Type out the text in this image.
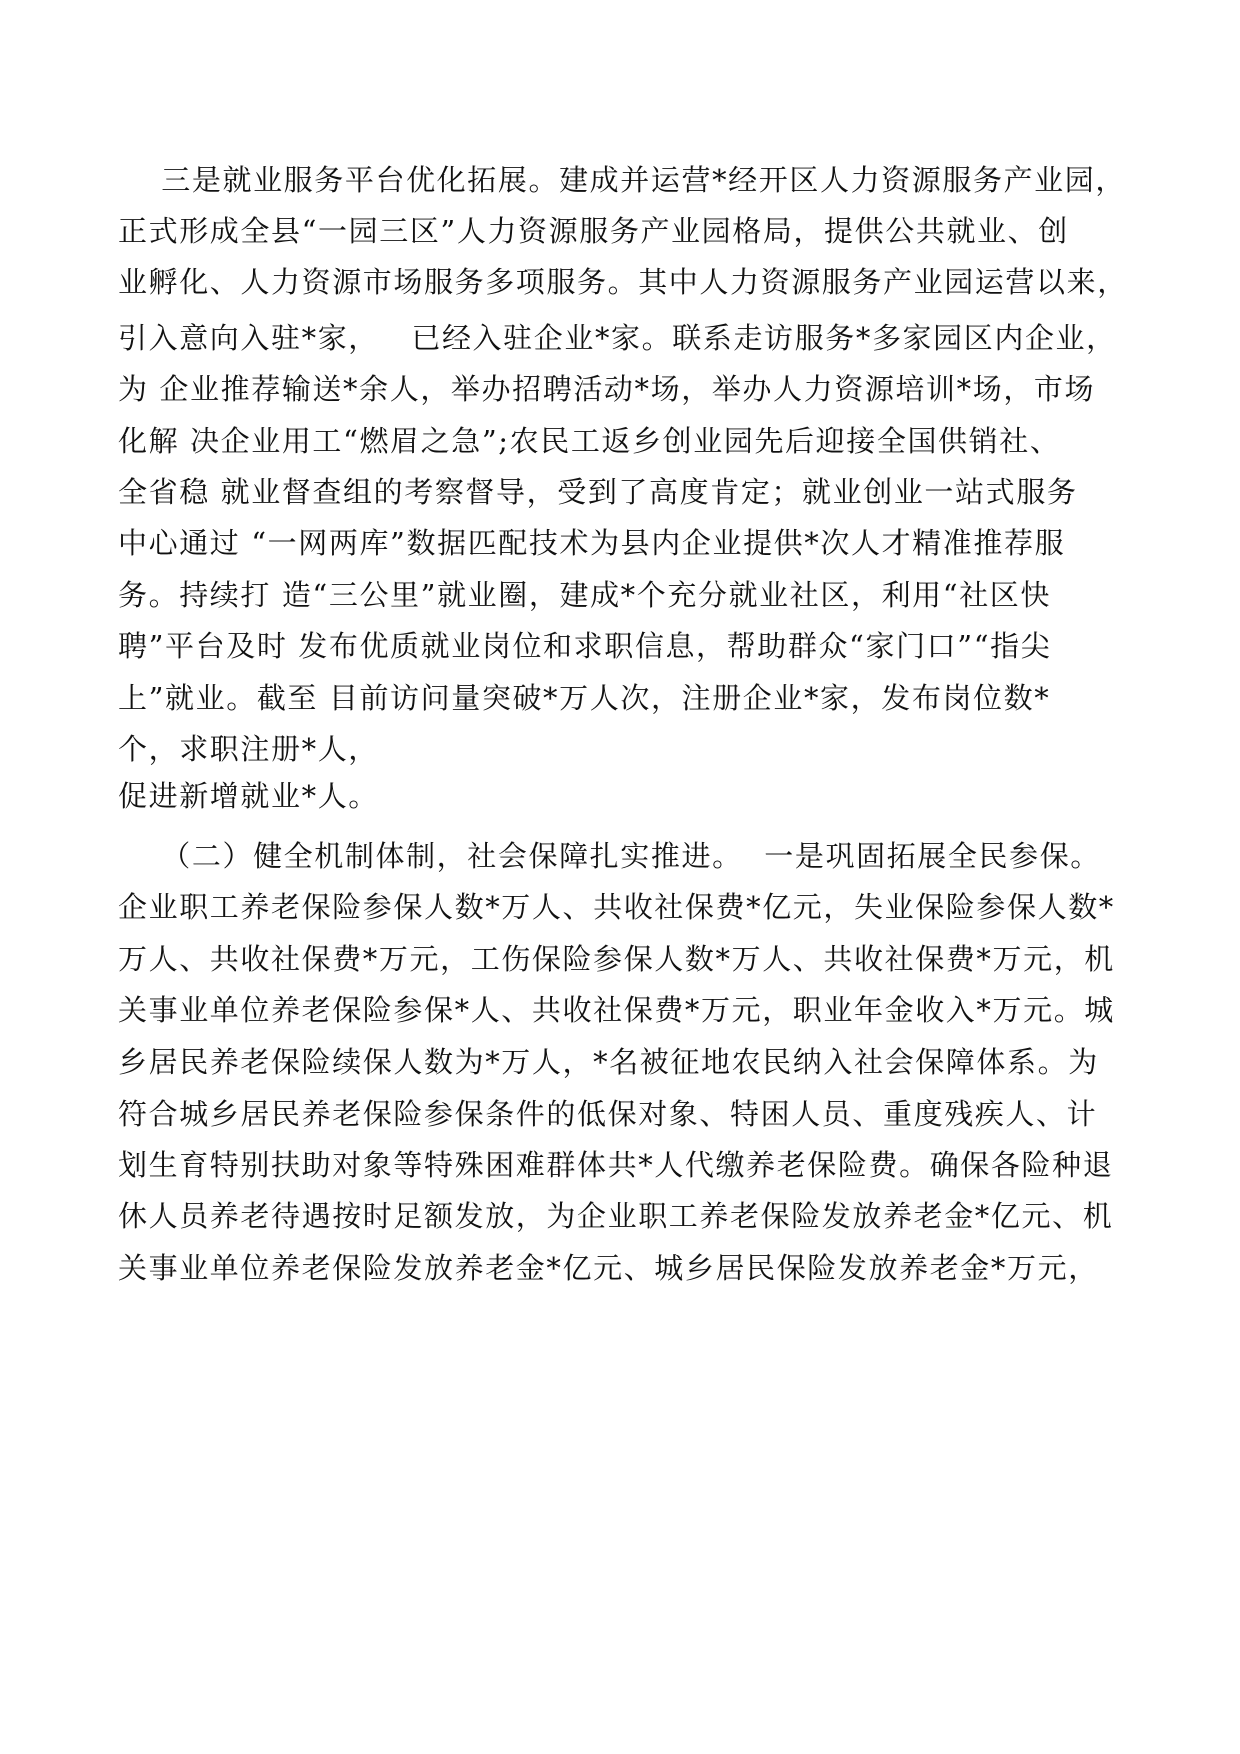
三是就业服务平台优化拓展。建成并运营*经开区人力资源服务产业园，
正式形成全县“一园三区”人力资源服务产业园格局，提供公共就业、创
业孵化、人力资源市场服务多项服务。其中人力资源服务产业园运营以来，
引入意向入驻*家，   已经入驻企业*家。联系走访服务*多家园区内企业，
为 企业推荐输送*余人，举办招聘活动*场，举办人力资源培训*场，市场
化解 决企业用工“燃眉之急”;农民工返乡创业园先后迎接全国供销社、
全省稳 就业督查组的考察督导，受到了高度肯定；就业创业一站式服务
中心通过 “一网两库”数据匹配技术为县内企业提供*次人才精准推荐服
务。持续打 造“三公里”就业圈，建成*个充分就业社区，利用“社区快
聘”平台及时 发布优质就业岗位和求职信息，帮助群众“家门口”“指尖
上”就业。截至 目前访问量突破*万人次，注册企业*家，发布岗位数*
个，求职注册*人，
促进新增就业*人。
（二）健全机制体制，社会保障扎实推进。  一是巩固拓展全民参保。
企业职工养老保险参保人数*万人、共收社保费*亿元，失业保险参保人数*
万人、共收社保费*万元，工伤保险参保人数*万人、共收社保费*万元，机
关事业单位养老保险参保*人、共收社保费*万元，职业年金收入*万元。城
乡居民养老保险续保人数为*万人，*名被征地农民纳入社会保障体系。为
符合城乡居民养老保险参保条件的低保对象、特困人员、重度残疾人、计
划生育特别扶助对象等特殊困难群体共*人代缴养老保险费。确保各险种退
休人员养老待遇按时足额发放，为企业职工养老保险发放养老金*亿元、机
关事业单位养老保险发放养老金*亿元、城乡居民保险发放养老金*万元，
